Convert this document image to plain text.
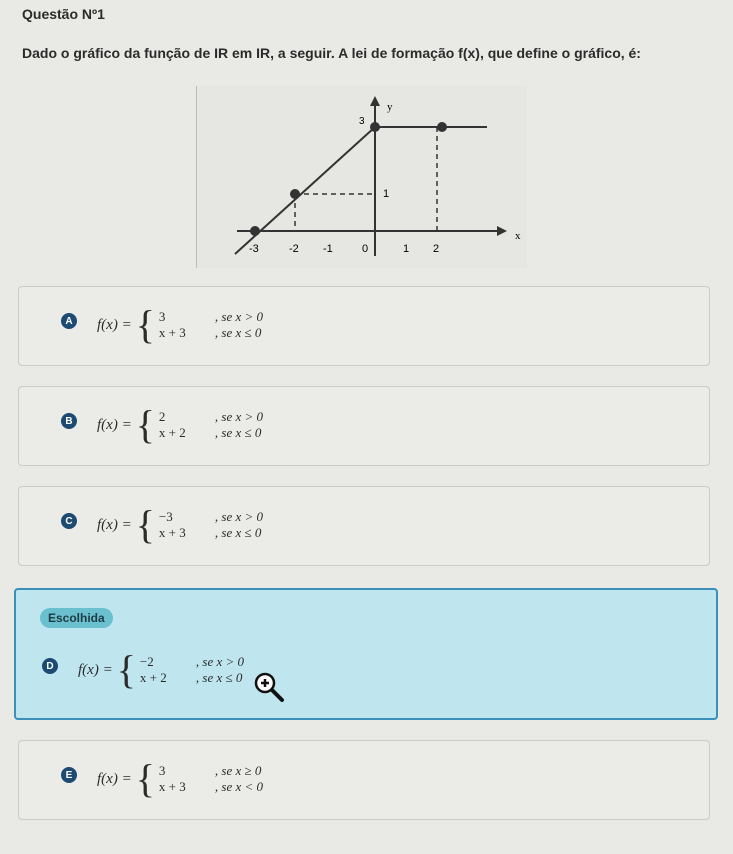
Questão Nº1
Dado o gráfico da função de IR em IR, a seguir. A lei de formação f(x), que define o gráfico, é:
y
x
3
1
-3	-2 -1	0	1 2
A f(x) = { 3	, se x > 0
x + 3	, se x ≤ 0
B f(x) = { 2	, se x > 0
x + 2	, se x ≤ 0
C f(x) = { −3	, se x > 0
x + 3	, se x ≤ 0
Escolhida
D f(x) = { −2	, se x > 0
x + 2	, se x ≤ 0
E	f(x) = { 3	, se x ≥ 0
x + 3	, se x < 0
